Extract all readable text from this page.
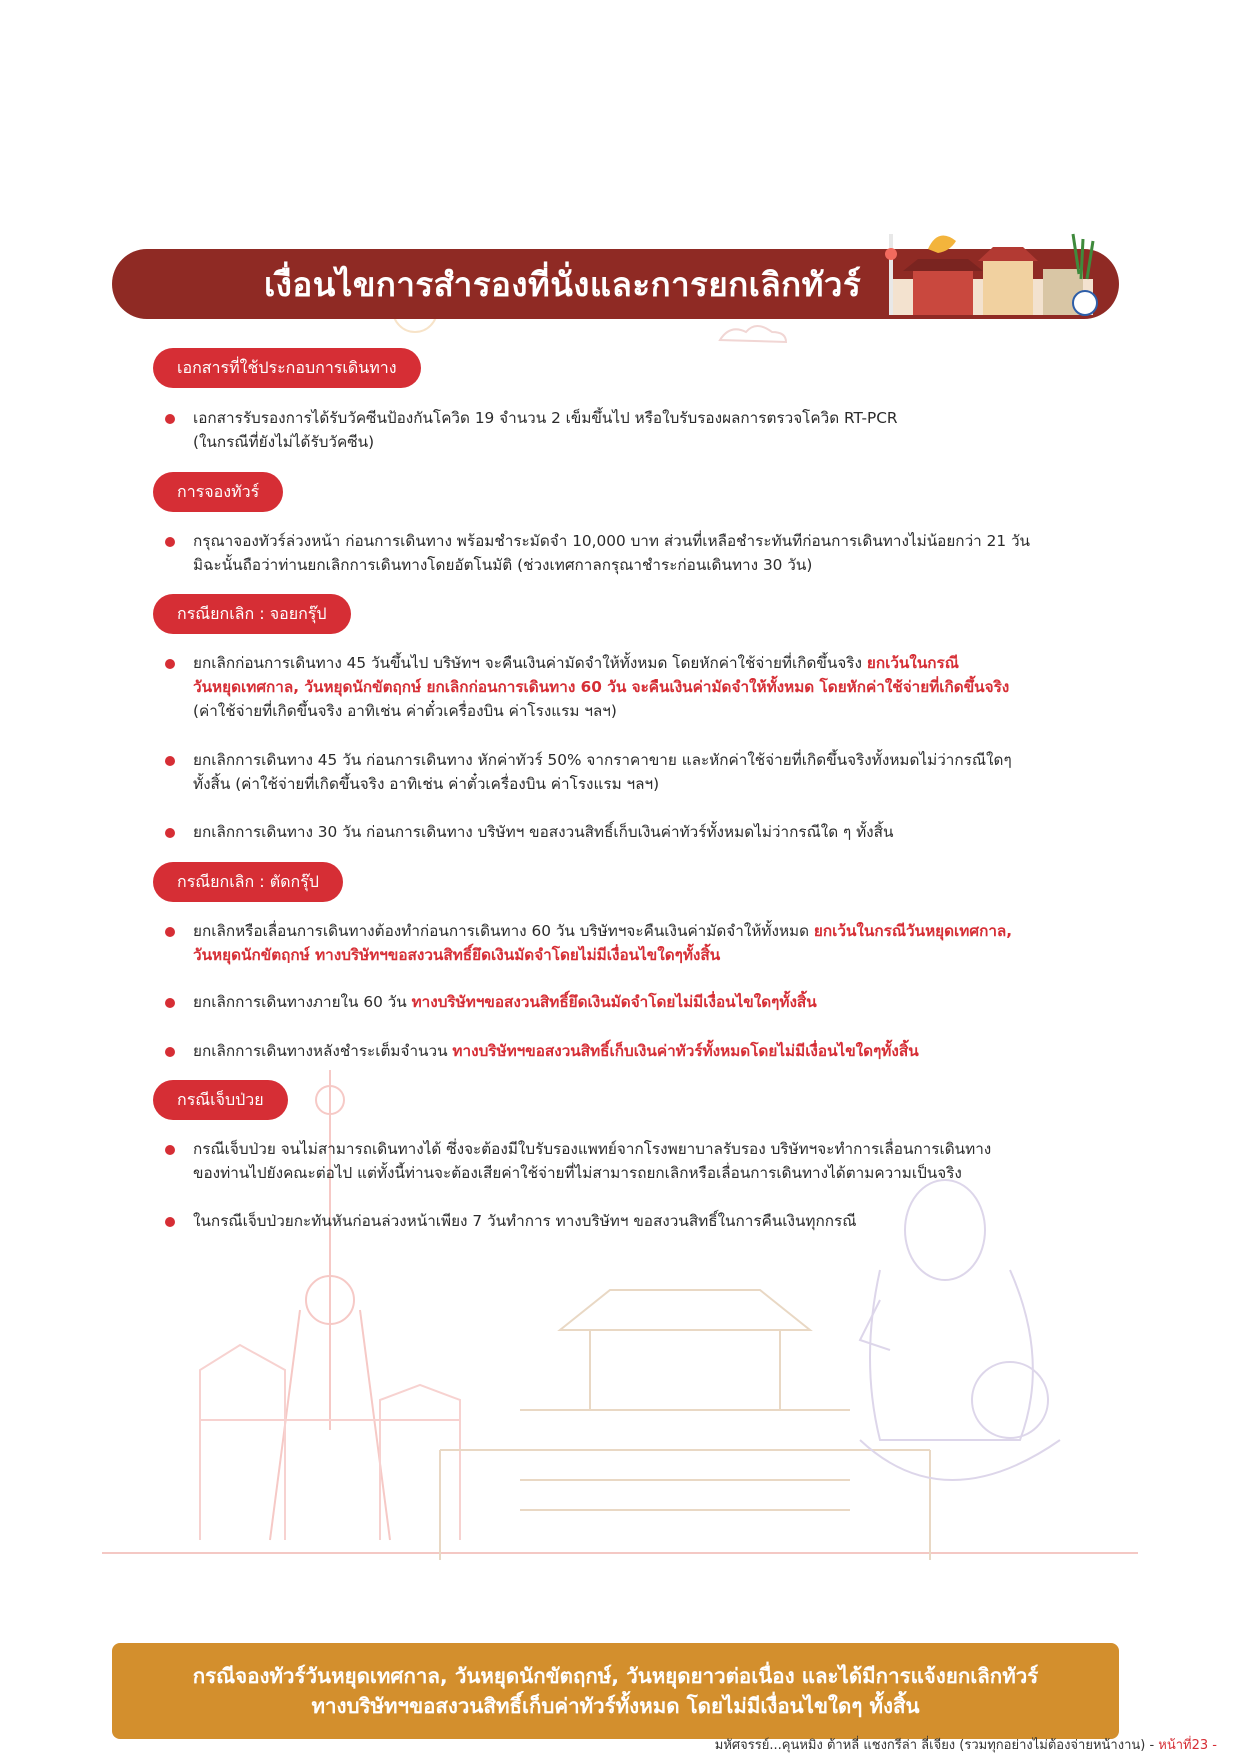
เงื่อนไขการสำรองที่นั่งและการยกเลิกทัวร์
เอกสารที่ใช้ประกอบการเดินทาง
เอกสารรับรองการได้รับวัคซีนป้องกันโควิด 19 จำนวน 2 เข็มขึ้นไป หรือใบรับรองผลการตรวจโควิด RT-PCR
(ในกรณีที่ยังไม่ได้รับวัคซีน)
การจองทัวร์
กรุณาจองทัวร์ล่วงหน้า ก่อนการเดินทาง พร้อมชำระมัดจำ 10,000 บาท ส่วนที่เหลือชำระทันทีก่อนการเดินทางไม่น้อยกว่า 21 วัน
มิฉะนั้นถือว่าท่านยกเลิกการเดินทางโดยอัตโนมัติ (ช่วงเทศกาลกรุณาชำระก่อนเดินทาง 30 วัน)
กรณียกเลิก : จอยกรุ๊ป
ยกเลิกก่อนการเดินทาง 45 วันขึ้นไป บริษัทฯ จะคืนเงินค่ามัดจำให้ทั้งหมด โดยหักค่าใช้จ่ายที่เกิดขึ้นจริง ยกเว้นในกรณี
วันหยุดเทศกาล, วันหยุดนักขัตฤกษ์ ยกเลิกก่อนการเดินทาง 60 วัน จะคืนเงินค่ามัดจำให้ทั้งหมด โดยหักค่าใช้จ่ายที่เกิดขึ้นจริง
(ค่าใช้จ่ายที่เกิดขึ้นจริง อาทิเช่น ค่าตั๋วเครื่องบิน ค่าโรงแรม ฯลฯ)
ยกเลิกการเดินทาง 45 วัน ก่อนการเดินทาง หักค่าทัวร์ 50% จากราคาขาย และหักค่าใช้จ่ายที่เกิดขึ้นจริงทั้งหมดไม่ว่ากรณีใดๆ
ทั้งสิ้น (ค่าใช้จ่ายที่เกิดขึ้นจริง อาทิเช่น ค่าตั๋วเครื่องบิน ค่าโรงแรม ฯลฯ)
ยกเลิกการเดินทาง 30 วัน ก่อนการเดินทาง บริษัทฯ ขอสงวนสิทธิ์เก็บเงินค่าทัวร์ทั้งหมดไม่ว่ากรณีใด ๆ ทั้งสิ้น
กรณียกเลิก : ตัดกรุ๊ป
ยกเลิกหรือเลื่อนการเดินทางต้องทำก่อนการเดินทาง 60 วัน บริษัทฯจะคืนเงินค่ามัดจำให้ทั้งหมด ยกเว้นในกรณีวันหยุดเทศกาล,
วันหยุดนักขัตฤกษ์ ทางบริษัทฯขอสงวนสิทธิ์ยึดเงินมัดจำโดยไม่มีเงื่อนไขใดๆทั้งสิ้น
ยกเลิกการเดินทางภายใน 60 วัน ทางบริษัทฯขอสงวนสิทธิ์ยึดเงินมัดจำโดยไม่มีเงื่อนไขใดๆทั้งสิ้น
ยกเลิกการเดินทางหลังชำระเต็มจำนวน ทางบริษัทฯขอสงวนสิทธิ์เก็บเงินค่าทัวร์ทั้งหมดโดยไม่มีเงื่อนไขใดๆทั้งสิ้น
กรณีเจ็บป่วย
กรณีเจ็บป่วย จนไม่สามารถเดินทางได้ ซึ่งจะต้องมีใบรับรองแพทย์จากโรงพยาบาลรับรอง บริษัทฯจะทำการเลื่อนการเดินทาง
ของท่านไปยังคณะต่อไป แต่ทั้งนี้ท่านจะต้องเสียค่าใช้จ่ายที่ไม่สามารถยกเลิกหรือเลื่อนการเดินทางได้ตามความเป็นจริง
ในกรณีเจ็บป่วยกะทันหันก่อนล่วงหน้าเพียง 7 วันทำการ ทางบริษัทฯ ขอสงวนสิทธิ์ในการคืนเงินทุกกรณี
กรณีจองทัวร์วันหยุดเทศกาล, วันหยุดนักขัตฤกษ์, วันหยุดยาวต่อเนื่อง และได้มีการแจ้งยกเลิกทัวร์
ทางบริษัทฯขอสงวนสิทธิ์เก็บค่าทัวร์ทั้งหมด โดยไม่มีเงื่อนไขใดๆ ทั้งสิ้น
มหัศจรรย์...คุนหมิง ต้าหลี่ แชงกรีล่า ลี่เจียง (รวมทุกอย่างไม่ต้องจ่ายหน้างาน) - หน้าที่23 -
